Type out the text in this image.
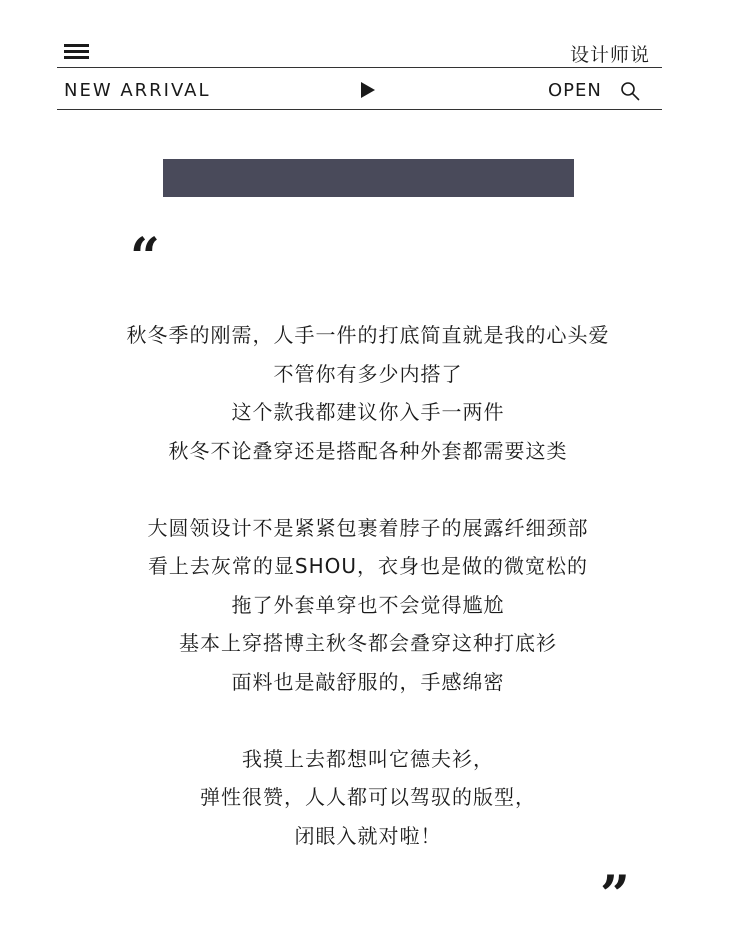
设计师说
NEW ARRIVAL	OPEN
“

秋冬季的刚需，人手一件的打底简直就是我的心头爱

不管你有多少内搭了

这个款我都建议你入手一两件

秋冬不论叠穿还是搭配各种外套都需要这类

大圆领设计不是紧紧包裹着脖子的展露纤细颈部

看上去灰常的显SHOU，衣身也是做的微宽松的

拖了外套单穿也不会觉得尴尬

基本上穿搭博主秋冬都会叠穿这种打底衫

面料也是敲舒服的，手感绵密

我摸上去都想叫它德夫衫，

弹性很赞，人人都可以驾驭的版型，

闭眼入就对啦！

”
